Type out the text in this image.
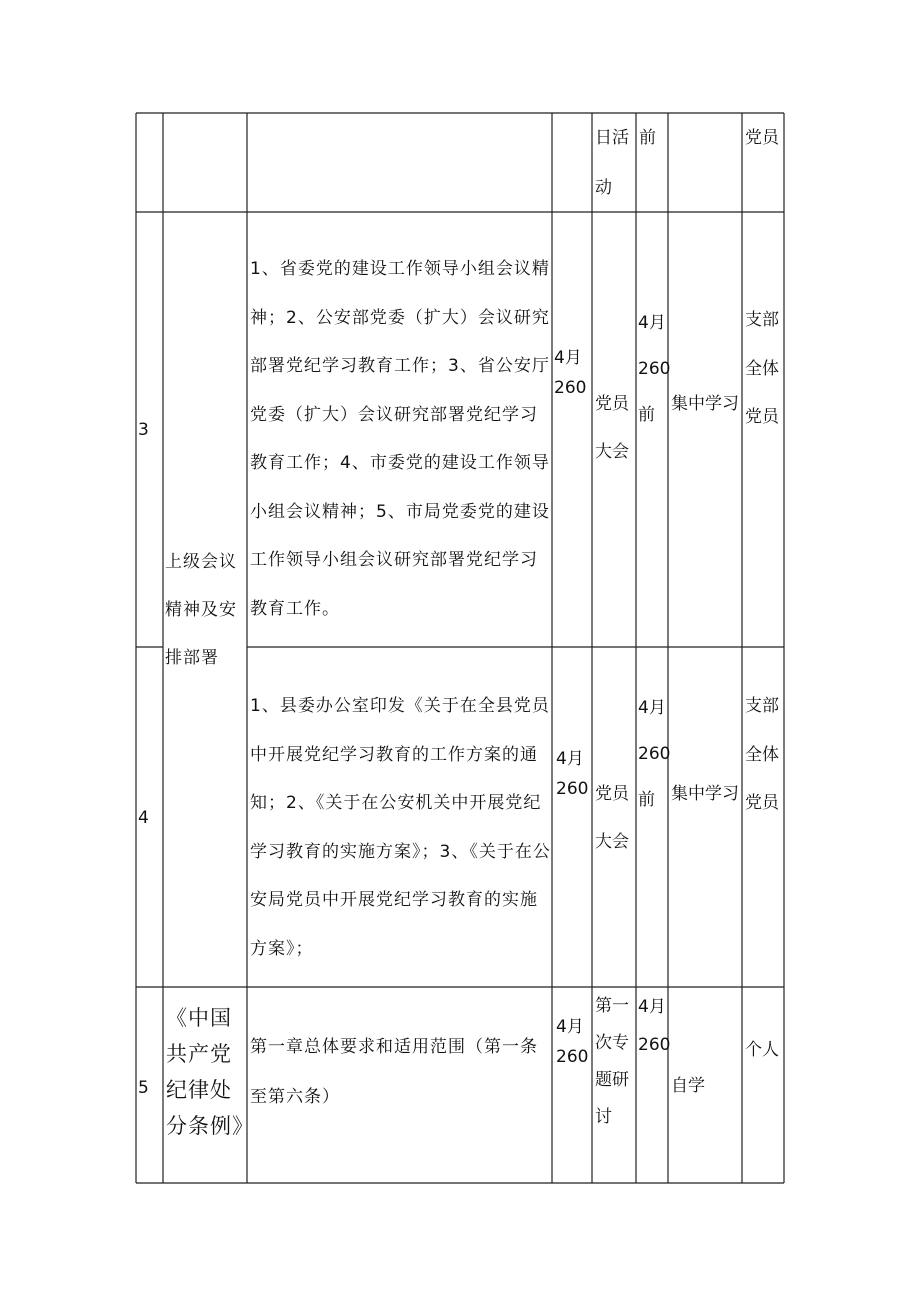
日活动
前	党员
3
1、省委党的建设工作领导小组会议精神；2、公安部党委（扩大）会议研究部署党纪学习教育工作；3、省公安厅党委（扩大）会议研究部署党纪学习教育工作；4、市委党的建设工作领导小组会议精神；5、市局党委党的建设工作领导小组会议研究部署党纪学习教育工作。
4月260
党员大会
4月260前
集中学习
支部全体党员
上级会议精神及安排部署
4
1、县委办公室印发《关于在全县党员中开展党纪学习教育的工作方案的通知；2、《关于在公安机关中开展党纪学习教育的实施方案》；3、《关于在公安局党员中开展党纪学习教育的实施方案》；
4月260 党员大会
4月260前 集中学习
支部全体党员
5
《中国共产党纪律处分条例》
第一章总体要求和适用范围（第一条至第六条）
4月260
第一次专题研讨
4月260
自学
个人
